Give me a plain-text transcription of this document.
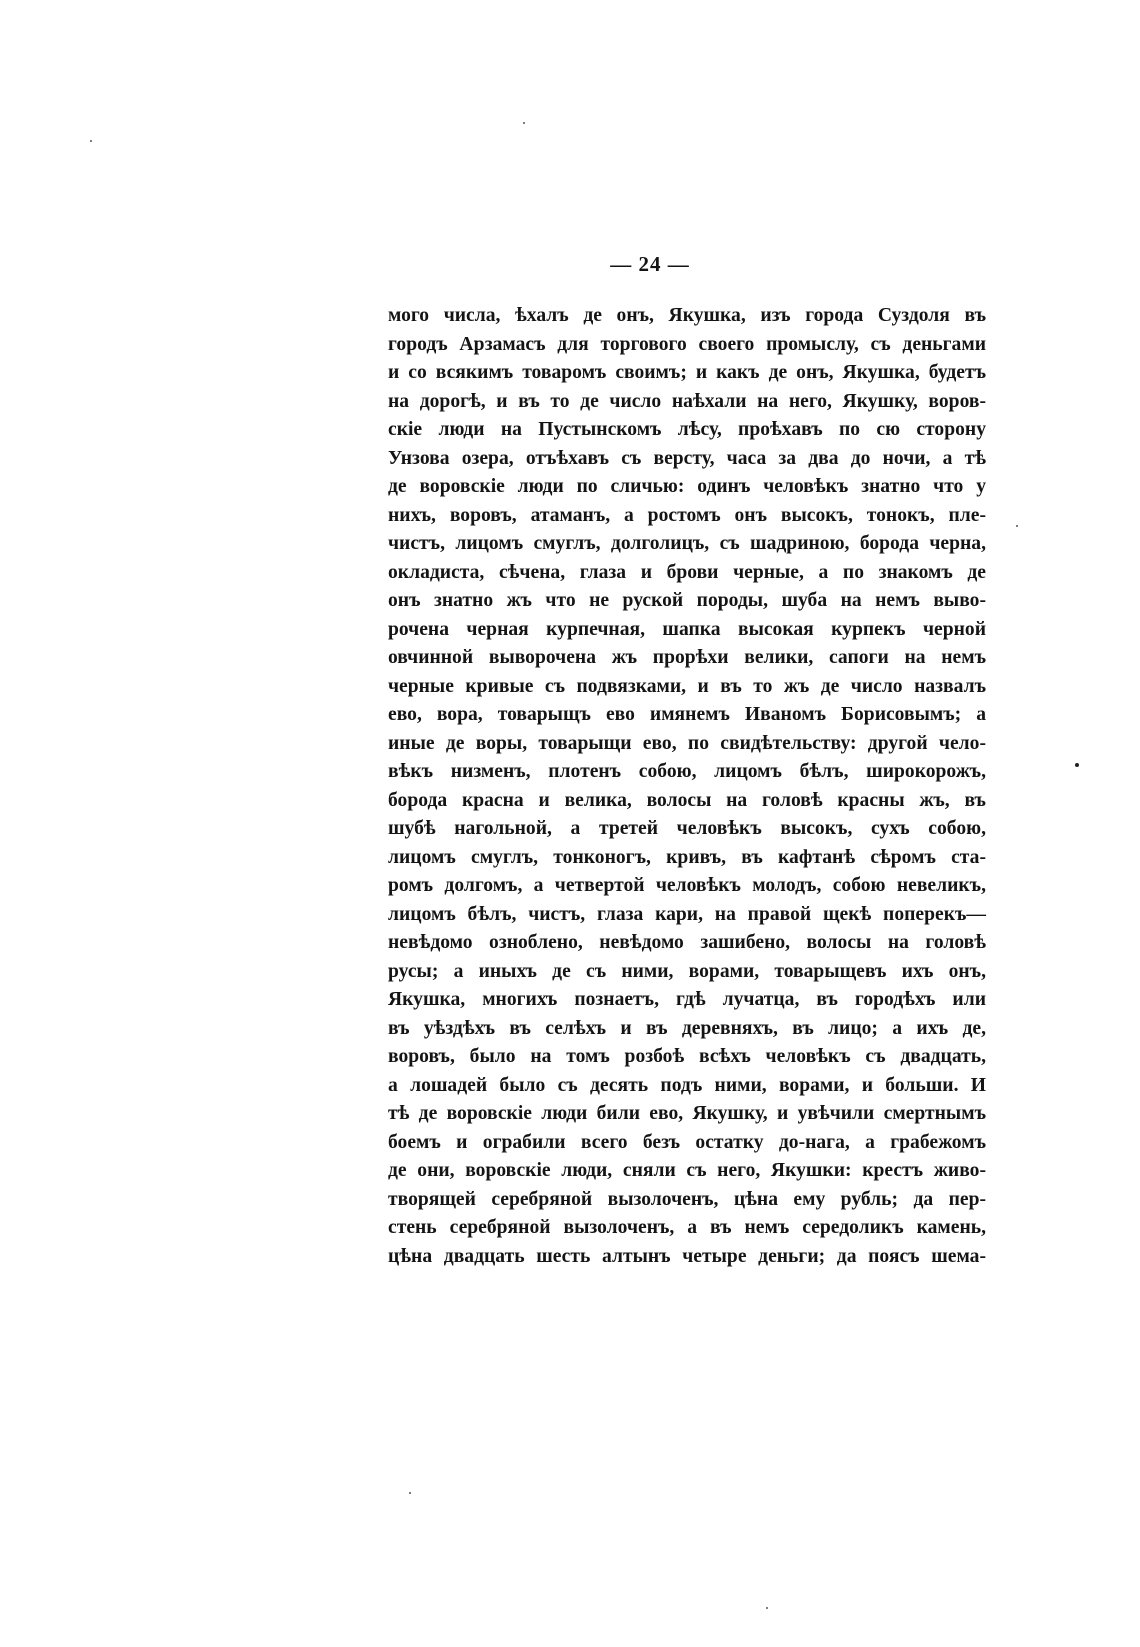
— 24 —
мого числа, ѣхалъ де онъ, Якушка, изъ города Суздоля въ
городъ Арзамасъ для торгового своего промыслу, съ деньгами
и со всякимъ товаромъ своимъ; и какъ де онъ, Якушка, будетъ
на дорогѣ, и въ то де число наѣхали на него, Якушку, воров-
скіе люди на Пустынскомъ лѣсу, проѣхавъ по сю сторону
Унзова озера, отъѣхавъ съ версту, часа за два до ночи, а тѣ
де воровскіе люди по сличью: одинъ человѣкъ знатно что у
нихъ, воровъ, атаманъ, а ростомъ онъ высокъ, тонокъ, пле-
чистъ, лицомъ смуглъ, долголицъ, съ шадриною, борода черна,
окладиста, сѣчена, глаза и брови черные, а по знакомъ де
онъ знатно жъ что не руской породы, шуба на немъ выво-
рочена черная курпечная, шапка высокая курпекъ черной
овчинной выворочена жъ прорѣхи велики, сапоги на немъ
черные кривые съ подвязками, и въ то жъ де число назвалъ
ево, вора, товарыщъ ево имянемъ Иваномъ Борисовымъ; а
иные де воры, товарыщи ево, по свидѣтельству: другой чело-
вѣкъ низменъ, плотенъ собою, лицомъ бѣлъ, широкорожъ,
борода красна и велика, волосы на головѣ красны жъ, въ
шубѣ нагольной, а третей человѣкъ высокъ, сухъ собою,
лицомъ смуглъ, тонконогъ, кривъ, въ кафтанѣ сѣромъ ста-
ромъ долгомъ, а четвертой человѣкъ молодъ, собою невеликъ,
лицомъ бѣлъ, чистъ, глаза кари, на правой щекѣ поперекъ—
невѣдомо озноблено, невѣдомо зашибено, волосы на головѣ
русы; а иныхъ де съ ними, ворами, товарыщевъ ихъ онъ,
Якушка, многихъ познаетъ, гдѣ лучатца, въ городѣхъ или
въ уѣздѣхъ въ селѣхъ и въ деревняхъ, въ лицо; а ихъ де,
воровъ, было на томъ розбоѣ всѣхъ человѣкъ съ двадцать,
а лошадей было съ десять подъ ними, ворами, и больши. И
тѣ де воровскіе люди били ево, Якушку, и увѣчили смертнымъ
боемъ и ограбили всего безъ остатку до-нага, а грабежомъ
де они, воровскіе люди, сняли съ него, Якушки: крестъ живо-
творящей серебряной вызолоченъ, цѣна ему рубль; да пер-
стень серебряной вызолоченъ, а въ немъ середоликъ камень,
цѣна двадцать шесть алтынъ четыре деньги; да поясъ шема-
